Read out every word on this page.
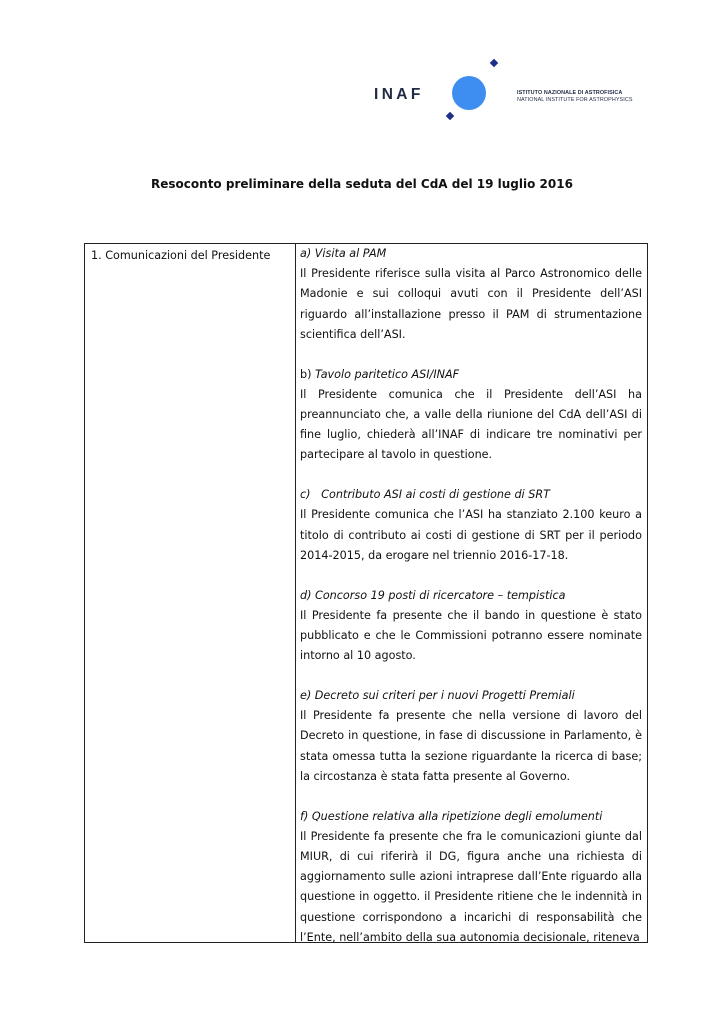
INAF	ISTITUTO NAZIONALE DI ASTROFISICA
NATIONAL INSTITUTE FOR ASTROPHYSICS
Resoconto preliminare della seduta del CdA del 19 luglio 2016
1. Comunicazioni del Presidente	a) Visita al PAM
Il Presidente riferisce sulla visita al Parco Astronomico delle Madonie e sui colloqui avuti con il Presidente dell’ASI riguardo all’installazione presso il PAM di strumentazione scientifica dell’ASI.
b) Tavolo paritetico ASI/INAF
Il Presidente comunica che il Presidente dell’ASI ha preannunciato che, a valle della riunione del CdA dell’ASI di fine luglio, chiederà all’INAF di indicare tre nominativi per partecipare al tavolo in questione.
c)   Contributo ASI ai costi di gestione di SRT
Il Presidente comunica che l’ASI ha stanziato 2.100 keuro a titolo di contributo ai costi di gestione di SRT per il periodo 2014-2015, da erogare nel triennio 2016-17-18.
d) Concorso 19 posti di ricercatore – tempistica
Il Presidente fa presente che il bando in questione è stato pubblicato e che le Commissioni potranno essere nominate intorno al 10 agosto.
e) Decreto sui criteri per i nuovi Progetti Premiali
Il Presidente fa presente che nella versione di lavoro del Decreto in questione, in fase di discussione in Parlamento, è stata omessa tutta la sezione riguardante la ricerca di base; la circostanza è stata fatta presente al Governo.
f) Questione relativa alla ripetizione degli emolumenti
Il Presidente fa presente che fra le comunicazioni giunte dal MIUR, di cui riferirà il DG, figura anche una richiesta di aggiornamento sulle azioni intraprese dall’Ente riguardo alla questione in oggetto. il Presidente ritiene che le indennità in questione corrispondono a incarichi di responsabilità che l’Ente, nell’ambito della sua autonomia decisionale, riteneva
